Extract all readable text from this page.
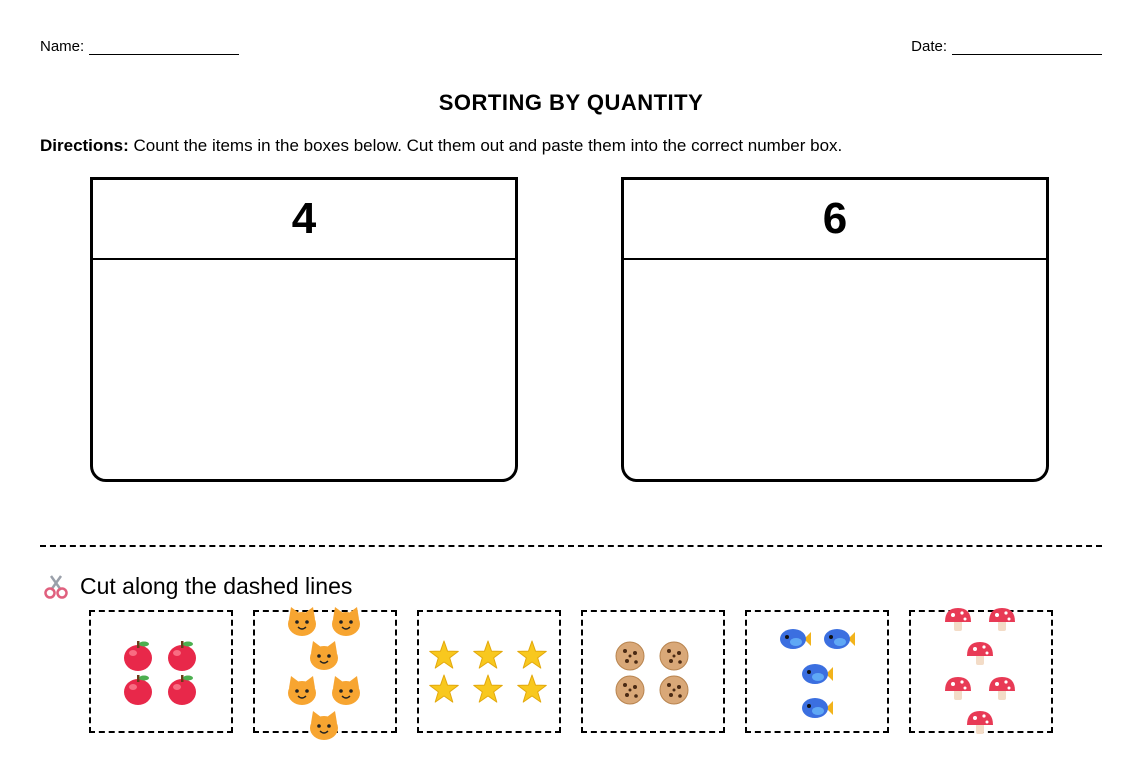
Name:	Date:
SORTING BY QUANTITY
Directions: Count the items in the boxes below. Cut them out and paste them into the correct number box.
4	6
Cut along the dashed lines
